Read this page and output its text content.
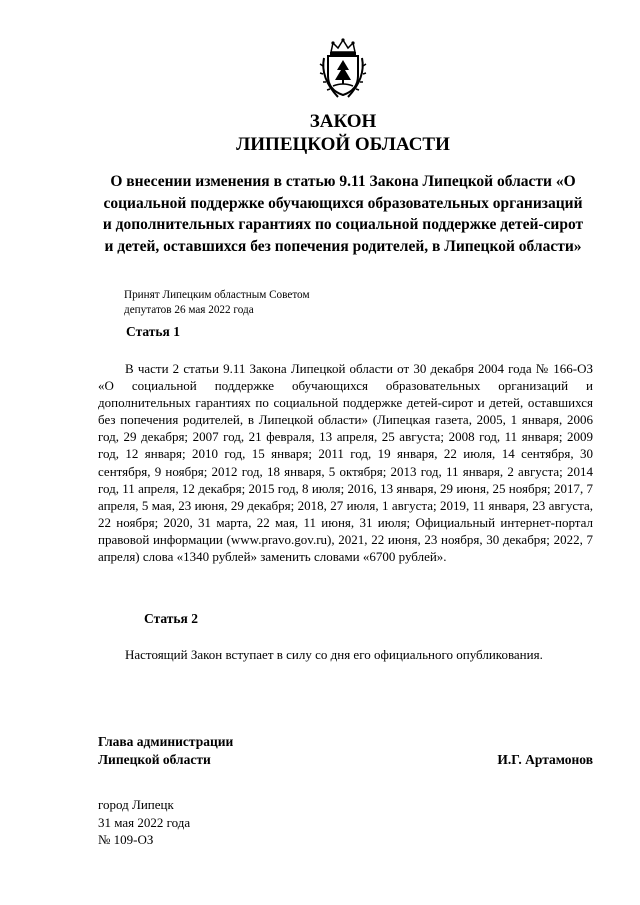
ЗАКОН
ЛИПЕЦКОЙ ОБЛАСТИ
О внесении изменения в статью 9.11 Закона Липецкой области «О социальной поддержке обучающихся образовательных организаций и дополнительных гарантиях по социальной поддержке детей-сирот и детей, оставшихся без попечения родителей, в Липецкой области»
Принят Липецким областным Советом
депутатов 26 мая 2022 года
Статья 1

В части 2 статьи 9.11 Закона Липецкой области от 30 декабря 2004 года № 166-ОЗ «О социальной поддержке обучающихся образовательных организаций и дополнительных гарантиях по социальной поддержке детей-сирот и детей, оставшихся без попечения родителей, в Липецкой области» (Липецкая газета, 2005, 1 января, 2006 год, 29 декабря; 2007 год, 21 февраля, 13 апреля, 25 августа; 2008 год, 11 января; 2009 год, 12 января; 2010 год, 15 января; 2011 год, 19 января, 22 июля, 14 сентября, 30 сентября, 9 ноября; 2012 год, 18 января, 5 октября; 2013 год, 11 января, 2 августа; 2014 год, 11 апреля, 12 декабря; 2015 год, 8 июля; 2016, 13 января, 29 июня, 25 ноября; 2017, 7 апреля, 5 мая, 23 июня, 29 декабря; 2018, 27 июля, 1 августа; 2019, 11 января, 23 августа, 22 ноября; 2020, 31 марта, 22 мая, 11 июня, 31 июля; Официальный интернет-портал правовой информации (www.pravo.gov.ru), 2021, 22 июня, 23 ноября, 30 декабря; 2022, 7 апреля) слова «1340 рублей» заменить словами «6700 рублей».

Статья 2

Настоящий Закон вступает в силу со дня его официального опубликования.

Глава администрации
Липецкой области	И.Г. Артамонов
город Липецк
31 мая 2022 года
№ 109-ОЗ
